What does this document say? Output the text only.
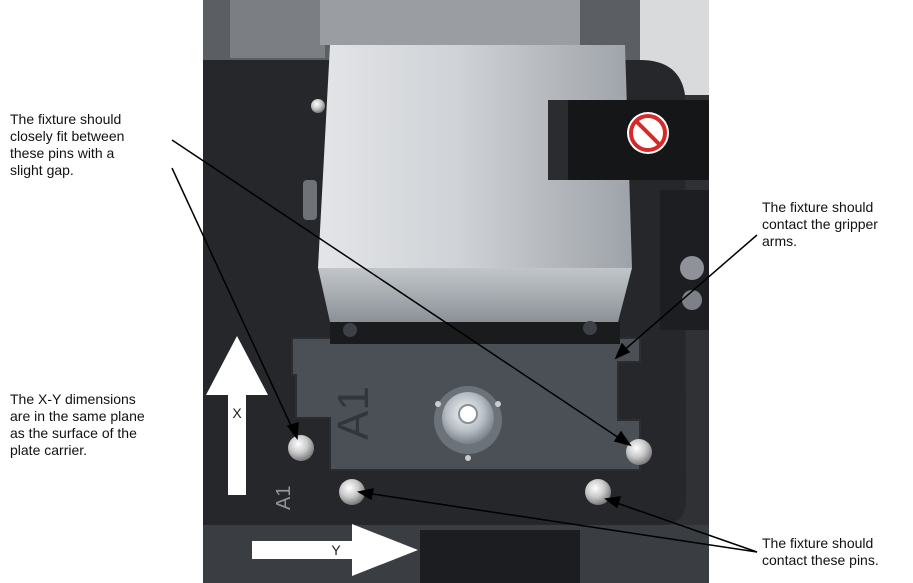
A1
A1
X
Y

The fixture should

closely fit between

these pins with a

slight gap.

The fixture should

contact the gripper

arms.

The X-Y dimensions

are in the same plane

as the surface of the

plate carrier.

The fixture should

contact these pins.
